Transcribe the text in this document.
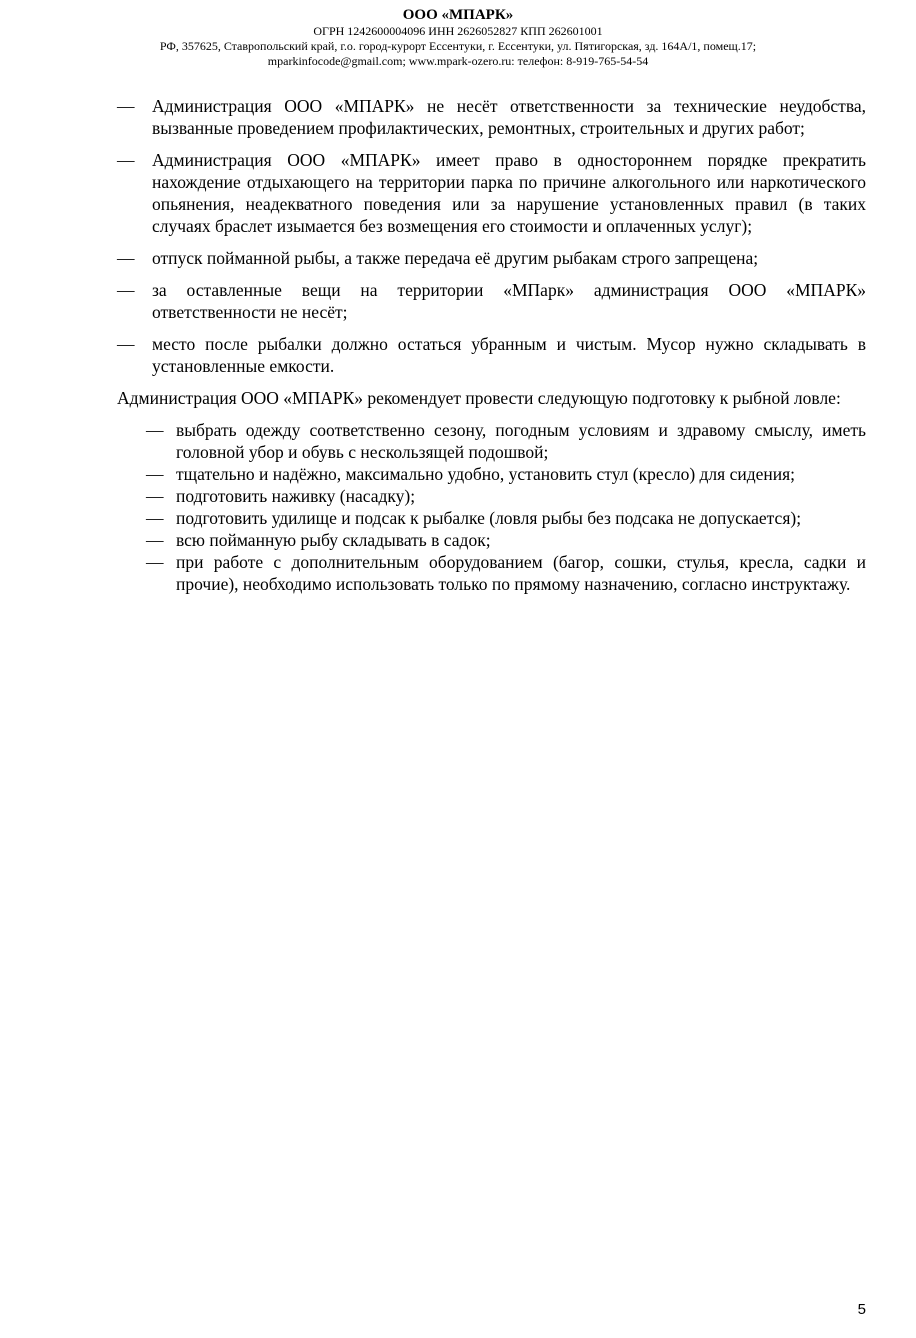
ООО «МПАРК»
ОГРН 1242600004096 ИНН 2626052827 КПП 262601001
РФ, 357625, Ставропольский край, г.о. город-курорт Ессентуки, г. Ессентуки, ул. Пятигорская, зд. 164А/1, помещ.17;
mparkinfocode@gmail.com; www.mpark-ozero.ru: телефон: 8-919-765-54-54
— Администрация ООО «МПАРК» не несёт ответственности за технические неудобства, вызванные проведением профилактических, ремонтных, строительных и других работ;
— Администрация ООО «МПАРК» имеет право в одностороннем порядке прекратить нахождение отдыхающего на территории парка по причине алкогольного или наркотического опьянения, неадекватного поведения или за нарушение установленных правил (в таких случаях браслет изымается без возмещения его стоимости и оплаченных услуг);
— отпуск пойманной рыбы, а также передача её другим рыбакам строго запрещена;
— за оставленные вещи на территории «МПарк» администрация ООО «МПАРК» ответственности не несёт;
— место после рыбалки должно остаться убранным и чистым. Мусор нужно складывать в установленные емкости.

Администрация ООО «МПАРК» рекомендует провести следующую подготовку к рыбной ловле:

— выбрать одежду соответственно сезону, погодным условиям и здравому смыслу, иметь головной убор и обувь с нескользящей подошвой;
— тщательно и надёжно, максимально удобно, установить стул (кресло) для сидения;
— подготовить наживку (насадку);
— подготовить удилище и подсак к рыбалке (ловля рыбы без подсака не допускается);
— всю пойманную рыбу складывать в садок;
— при работе с дополнительным оборудованием (багор, сошки, стулья, кресла, садки и прочие), необходимо использовать только по прямому назначению, согласно инструктажу.
5
